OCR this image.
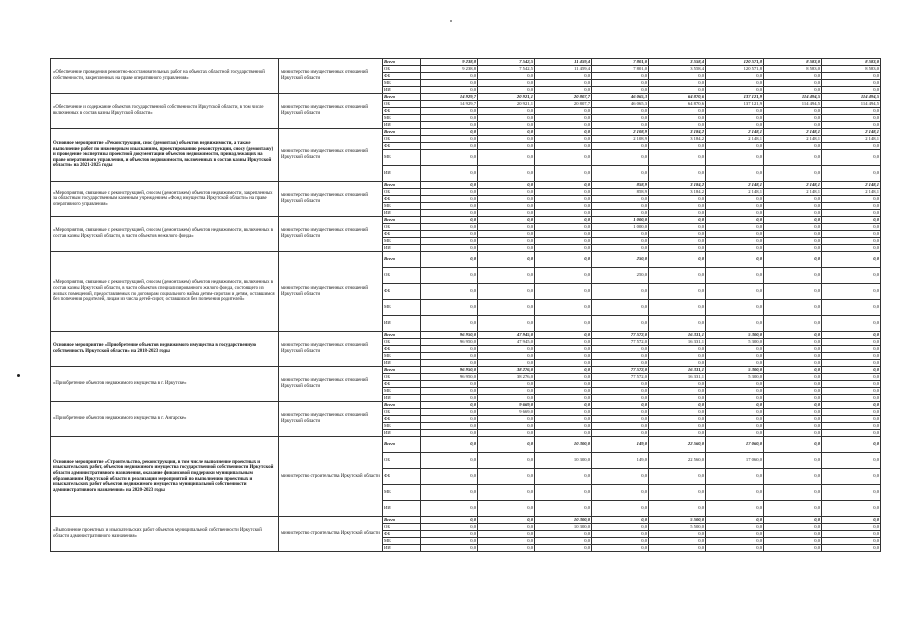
«Обеспечение проведения ремонтно-восстановительных работ на объектах областной государственной собственности, закрепленных на праве оперативного управления»	министерство имущественных отношений Иркутской области	Всего	9 238,8	7 542,5	11 459,4	7 801,0	3 558,4	120 571,8	8 583,0	8 583,0
		ОБ	9 238,8	7 542,5	11 459,4	7 801,0	3 558,4	120 571,8	8 583,0	8 583,0
		ФБ	0,0	0,0	0,0	0,0	0,0	0,0	0,0	0,0
		МБ	0,0	0,0	0,0	0,0	0,0	0,0	0,0	0,0
		ИИ	0,0	0,0	0,0	0,0	0,0	0,0	0,0	0,0
«Обеспечение и содержание объектов государственной собственности Иркутской области, в том числе включенных в состав казны Иркутской области»	министерство имущественных отношений Иркутской области	Всего	14 929,7	20 921,1	20 807,7	46 065,3	64 870,6	137 121,9	114 494,5	114 494,5
		ОБ	14 929,7	20 921,1	20 807,7	46 065,3	64 870,6	137 121,9	114 494,5	114 494,5
		ФБ	0,0	0,0	0,0	0,0	0,0	0,0	0,0	0,0
		МБ	0,0	0,0	0,0	0,0	0,0	0,0	0,0	0,0
		ИИ	0,0	0,0	0,0	0,0	0,0	0,0	0,0	0,0
Основное мероприятие «Реконструкция, снос (демонтаж) объектов недвижимости, а также выполнение работ по инженерным изысканиям, проектированию реконструкции, сносу (демонтажу) и проведение экспертизы проектной документации объектов недвижимости, принадлежащих на праве оперативного управления, и объектов недвижимости, включенных в состав казны Иркутской области» на 2021-2025 годы	министерство имущественных отношений Иркутской области	Всего	0,0	0,0	0,0	2 108,9	3 184,2	2 148,1	2 148,1	2 148,1
		ОБ	0,0	0,0	0,0	2 108,9	3 184,2	2 148,1	2 148,1	2 148,1
		ФБ	0,0	0,0	0,0	0,0	0,0	0,0	0,0	0,0
		МБ	0,0	0,0	0,0	0,0	0,0	0,0	0,0	0,0
		ИИ	0,0	0,0	0,0	0,0	0,0	0,0	0,0	0,0
«Мероприятия, связанные с реконструкцией, сносом (демонтажем) объектов недвижимости, закрепленных за областным государственным казенным учреждением «Фонд имущества Иркутской области» на праве оперативного управления»	министерство имущественных отношений Иркутской области	Всего	0,0	0,0	0,0	858,9	3 184,2	2 148,1	2 148,1	2 148,1
		ОБ	0,0	0,0	0,0	858,9	3 184,2	2 148,1	2 148,1	2 148,1
		ФБ	0,0	0,0	0,0	0,0	0,0	0,0	0,0	0,0
		МБ	0,0	0,0	0,0	0,0	0,0	0,0	0,0	0,0
		ИИ	0,0	0,0	0,0	0,0	0,0	0,0	0,0	0,0
«Мероприятия, связанные с реконструкцией, сносом (демонтажем) объектов недвижимости, включенных в состав казны Иркутской области, в части объектов нежилого фонда»	министерство имущественных отношений Иркутской области	Всего	0,0	0,0	0,0	1 000,0	0,0	0,0	0,0	0,0
		ОБ	0,0	0,0	0,0	1 000,0	0,0	0,0	0,0	0,0
		ФБ	0,0	0,0	0,0	0,0	0,0	0,0	0,0	0,0
		МБ	0,0	0,0	0,0	0,0	0,0	0,0	0,0	0,0
		ИИ	0,0	0,0	0,0	0,0	0,0	0,0	0,0	0,0
«Мероприятия, связанные с реконструкцией, сносом (демонтажем) объектов недвижимости, включенных в состав казны Иркутской области, в части объектов специализированного жилого фонда, состоящего из жилых помещений, предоставляемых по договорам социального найма детям-сиротам и детям, оставшимся без попечения родителей, лицам из числа детей-сирот, оставшихся без попечения родителей»	министерство имущественных отношений Иркутской области	Всего	0,0	0,0	0,0	250,0	0,0	0,0	0,0	0,0
		ОБ	0,0	0,0	0,0	250,0	0,0	0,0	0,0	0,0
		ФБ	0,0	0,0	0,0	0,0	0,0	0,0	0,0	0,0
		МБ	0,0	0,0	0,0	0,0	0,0	0,0	0,0	0,0
		ИИ	0,0	0,0	0,0	0,0	0,0	0,0	0,0	0,0
Основное мероприятие «Приобретение объектов недвижимого имущества в государственную собственность Иркутской области» на 2018-2023 годы	министерство имущественных отношений Иркутской области	Всего	96 950,0	47 945,0	0,0	77 572,0	16 331,1	5 300,0	0,0	0,0
		ОБ	96 950,0	47 945,0	0,0	77 572,0	16 331,1	5 300,0	0,0	0,0
		ФБ	0,0	0,0	0,0	0,0	0,0	0,0	0,0	0,0
		МБ	0,0	0,0	0,0	0,0	0,0	0,0	0,0	0,0
		ИИ	0,0	0,0	0,0	0,0	0,0	0,0	0,0	0,0
«Приобретение объектов недвижимого имущества в г. Иркутске»	министерство имущественных отношений Иркутской области	Всего	96 950,0	38 276,0	0,0	77 572,0	16 331,1	5 300,0	0,0	0,0
		ОБ	96 950,0	38 276,0	0,0	77 572,0	16 331,1	5 300,0	0,0	0,0
		ФБ	0,0	0,0	0,0	0,0	0,0	0,0	0,0	0,0
		МБ	0,0	0,0	0,0	0,0	0,0	0,0	0,0	0,0
		ИИ	0,0	0,0	0,0	0,0	0,0	0,0	0,0	0,0
«Приобретение объектов недвижимого имущества в г. Ангарске»	министерство имущественных отношений Иркутской области	Всего	0,0	9 669,0	0,0	0,0	0,0	0,0	0,0	0,0
		ОБ	0,0	9 669,0	0,0	0,0	0,0	0,0	0,0	0,0
		ФБ	0,0	0,0	0,0	0,0	0,0	0,0	0,0	0,0
		МБ	0,0	0,0	0,0	0,0	0,0	0,0	0,0	0,0
		ИИ	0,0	0,0	0,0	0,0	0,0	0,0	0,0	0,0
Основное мероприятие «Строительство, реконструкция, в том числе выполнение проектных и изыскательских работ, объектов недвижимого имущества государственной собственности Иркутской области административного назначения, оказание финансовой поддержки муниципальным образованиям Иркутской области в реализации мероприятий по выполнению проектных и изыскательских работ объектов недвижимого имущества муниципальной собственности административного назначения» на 2020-2023 годы	министерство строительства Иркутской области	Всего	0,0	0,0	10 300,0	149,0	22 560,0	17 060,0	0,0	0,0
		ОБ	0,0	0,0	10 300,0	149,0	22 560,0	17 060,0	0,0	0,0
		ФБ	0,0	0,0	0,0	0,0	0,0	0,0	0,0	0,0
		МБ	0,0	0,0	0,0	0,0	0,0	0,0	0,0	0,0
		ИИ	0,0	0,0	0,0	0,0	0,0	0,0	0,0	0,0
«Выполнение проектных и изыскательских работ объектов муниципальной собственности Иркутской области административного назначения»	министерство строительства Иркутской области	Всего	0,0	0,0	10 300,0	0,0	5 500,0	0,0	0,0	0,0
		ОБ	0,0	0,0	10 300,0	0,0	5 500,0	0,0	0,0	0,0
		ФБ	0,0	0,0	0,0	0,0	0,0	0,0	0,0	0,0
		МБ	0,0	0,0	0,0	0,0	0,0	0,0	0,0	0,0
		ИИ	0,0	0,0	0,0	0,0	0,0	0,0	0,0	0,0
